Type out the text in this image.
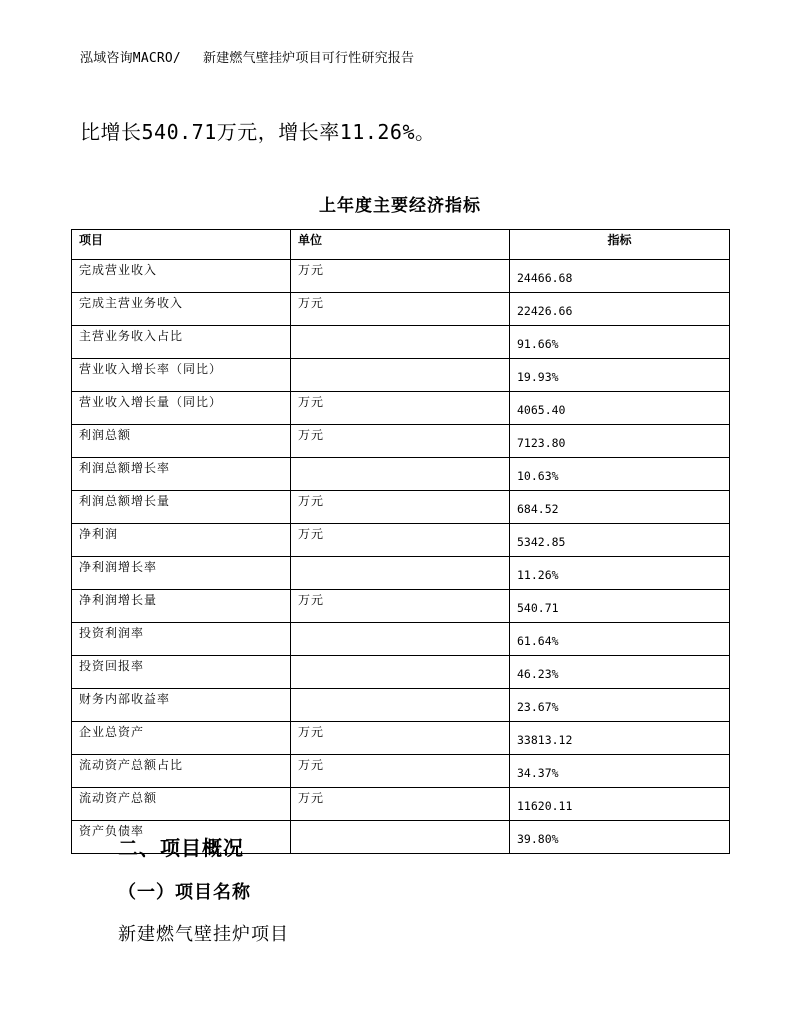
泓域咨询MACRO/ 新建燃气壁挂炉项目可行性研究报告
比增长540.71万元，增长率11.26%。
上年度主要经济指标
项目	单位	指标
完成营业收入	万元	24466.68
完成主营业务收入	万元	22426.66
主营业务收入占比		91.66%
营业收入增长率（同比）		19.93%
营业收入增长量（同比）	万元	4065.40
利润总额	万元	7123.80
利润总额增长率		10.63%
利润总额增长量	万元	684.52
净利润	万元	5342.85
净利润增长率		11.26%
净利润增长量	万元	540.71
投资利润率		61.64%
投资回报率		46.23%
财务内部收益率		23.67%
企业总资产	万元	33813.12
流动资产总额占比	万元	34.37%
流动资产总额	万元	11620.11
资产负债率		39.80%
二、项目概况
（一）项目名称
新建燃气壁挂炉项目
